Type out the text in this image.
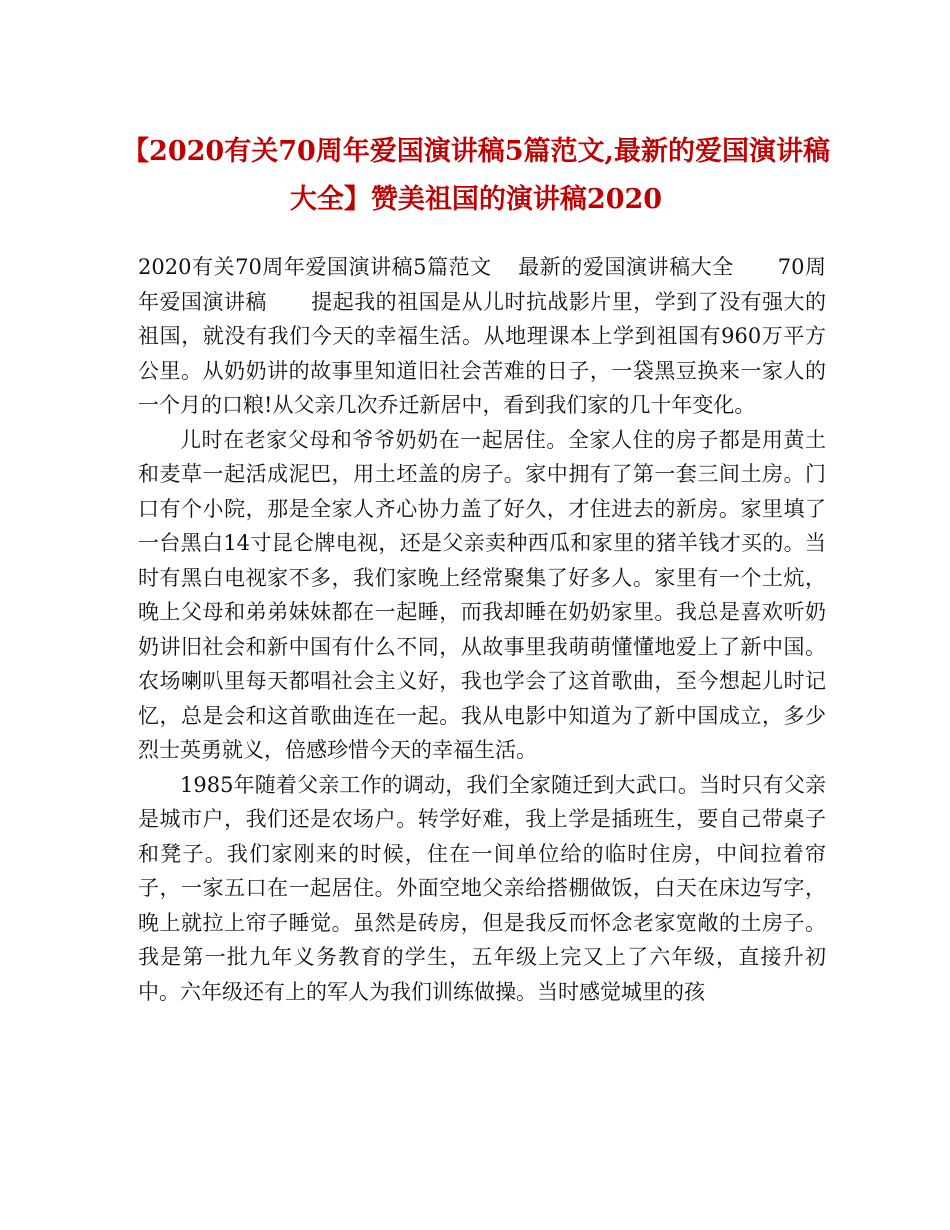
【2020有关70周年爱国演讲稿5篇范文,最新的爱国演讲稿大全】赞美祖国的演讲稿2020

2020有关70周年爱国演讲稿5篇范文 最新的爱国演讲稿大全 70周年爱国演讲稿 提起我的祖国是从儿时抗战影片里，学到了没有强大的祖国，就没有我们今天的幸福生活。从地理课本上学到祖国有960万平方公里。从奶奶讲的故事里知道旧社会苦难的日子，一袋黑豆换来一家人的一个月的口粮!从父亲几次乔迁新居中，看到我们家的几十年变化。

儿时在老家父母和爷爷奶奶在一起居住。全家人住的房子都是用黄土和麦草一起活成泥巴，用土坯盖的房子。家中拥有了第一套三间土房。门口有个小院，那是全家人齐心协力盖了好久，才住进去的新房。家里填了一台黑白14寸昆仑牌电视，还是父亲卖种西瓜和家里的猪羊钱才买的。当时有黑白电视家不多，我们家晚上经常聚集了好多人。家里有一个土炕，晚上父母和弟弟妹妹都在一起睡，而我却睡在奶奶家里。我总是喜欢听奶奶讲旧社会和新中国有什么不同，从故事里我萌萌懂懂地爱上了新中国。农场喇叭里每天都唱社会主义好，我也学会了这首歌曲，至今想起儿时记忆，总是会和这首歌曲连在一起。我从电影中知道为了新中国成立，多少烈士英勇就义，倍感珍惜今天的幸福生活。

1985年随着父亲工作的调动，我们全家随迁到大武口。当时只有父亲是城市户，我们还是农场户。转学好难，我上学是插班生，要自己带桌子和凳子。我们家刚来的时候，住在一间单位给的临时住房，中间拉着帘子，一家五口在一起居住。外面空地父亲给搭棚做饭，白天在床边写字，晚上就拉上帘子睡觉。虽然是砖房，但是我反而怀念老家宽敞的土房子。我是第一批九年义务教育的学生，五年级上完又上了六年级，直接升初中。六年级还有上的军人为我们训练做操。当时感觉城里的孩
